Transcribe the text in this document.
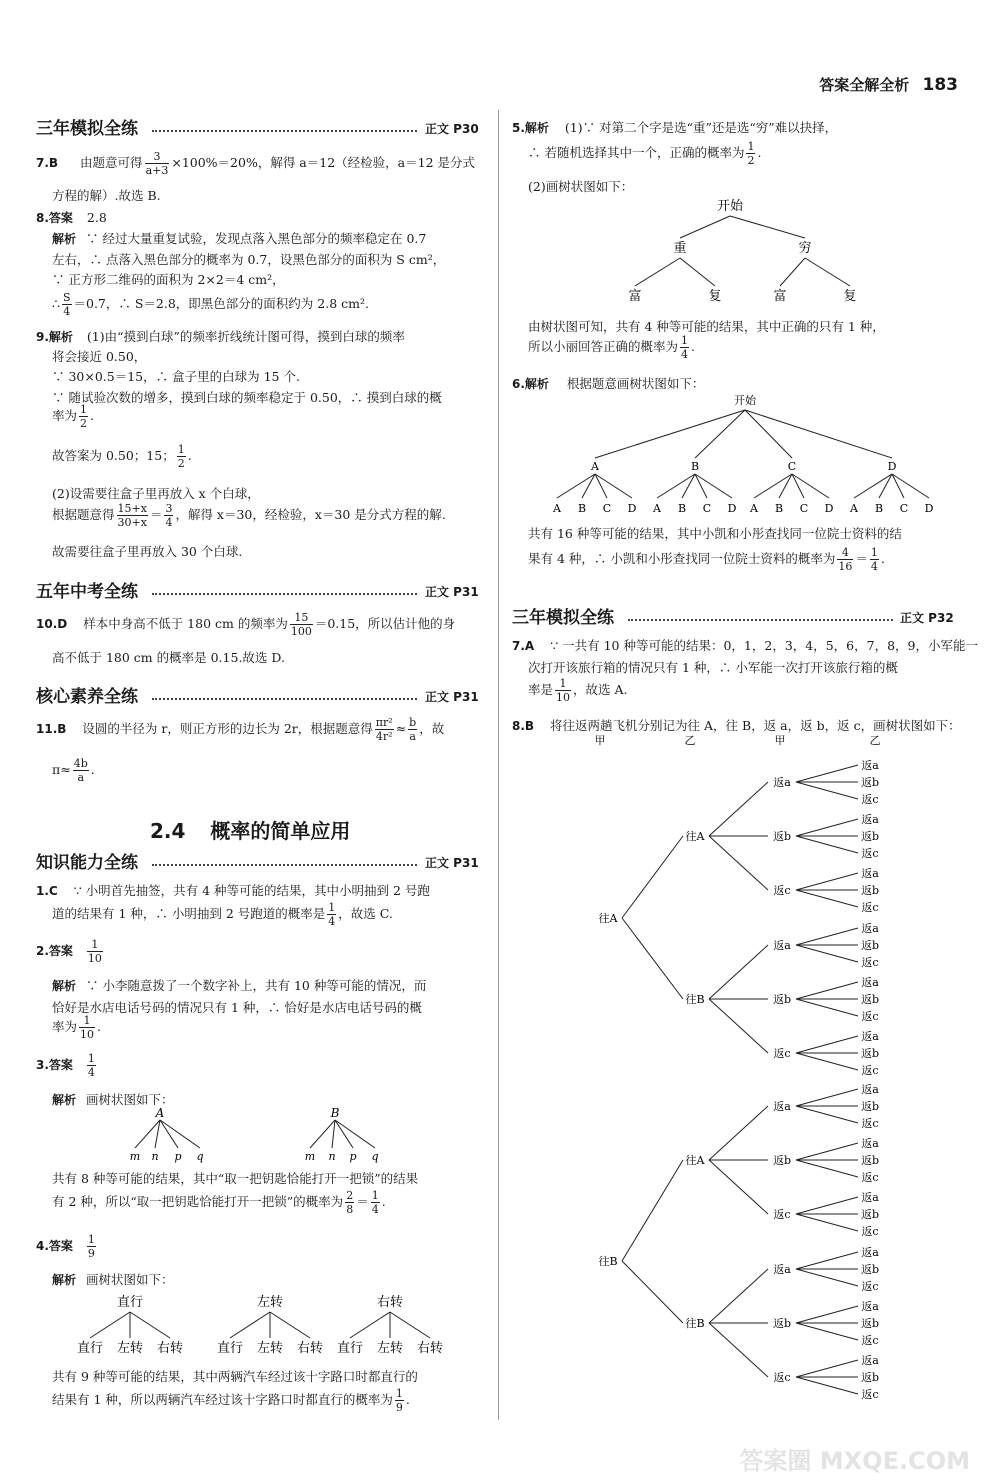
答案全解全析 183
三年模拟全练	正文 P30
7.B 由题意可得 $\frac{3}{a+3} \times 100\%=20\%$，解得 a＝12（经检验，a＝12 是分式
方程的解）.故选 B.
8.答案 2.8
解析 ∵ 经过大量重复试验，发现点落入黑色部分的频率稳定在 0.7
左右，∴ 点落入黑色部分的概率为 0.7，设黑色部分的面积为 S cm²，
∵ 正方形二维码的面积为 2×2＝4 cm²，
∴ $\frac{S}{4} =0.7$，∴ S＝2.8，即黑色部分的面积约为 2.8 cm².
9.解析 (1)由“摸到白球”的频率折线统计图可得，摸到白球的频率
将会接近 0.50，
∵ 30×0.5＝15，∴ 盒子里的白球为 15 个.
∵ 随试验次数的增多，摸到白球的频率稳定于 0.50，∴ 摸到白球的概
率为 $\frac{1}{2}$ .
故答案为 0.50；15； $\frac{1}{2}$ .
(2)设需要往盒子里再放入 x 个白球，
根据题意得 $\frac{15+x}{30+x} = \frac{3}{4}$ ，解得 x＝30，经检验，x＝30 是分式方程的解.
故需要往盒子里再放入 30 个白球.
五年中考全练	正文 P31
10.D 样本中身高不低于 180 cm 的频率为 $\frac{15}{100} =0.15$，所以估计他的身
高不低于 180 cm 的概率是 0.15.故选 D.
核心素养全练	正文 P31
11.B 设圆的半径为 r，则正方形的边长为 2r，根据题意得 $\frac{\text{πr²}}{\text{4r²}} \approx \frac{b}{a}$ ，故
$\pi\approx \frac{4b}{a}$ .
2.4 概率的简单应用
知识能力全练	正文 P31
1.C ∵ 小明首先抽签，共有 4 种等可能的结果，其中小明抽到 2 号跑
道的结果有 1 种，∴ 小明抽到 2 号跑道的概率是 $\frac{1}{4}$ ，故选 C.
2.答案 $\frac{1}{10}$
解析 ∵ 小李随意拨了一个数字补上，共有 10 种等可能的情况，而
恰好是水店电话号码的情况只有 1 种，∴ 恰好是水店电话号码的概
率为 $\frac{1}{10}$ .
3.答案 $\frac{1}{4}$
解析 画树状图如下：
A	B
m	m
n	n
p	p
q	q
共有 8 种等可能的结果，其中“取一把钥匙恰能打开一把锁”的结果
有 2 种，所以“取一把钥匙恰能打开一把锁”的概率为 $\frac{2}{8} = \frac{1}{4}$ .
4.答案 $\frac{1}{9}$
解析 画树状图如下：
直行
直行 左转 右转
左转
直行 左转 右转
右转
直行 左转 右转
共有 9 种等可能的结果，其中两辆汽车经过该十字路口时都直行的
结果有 1 种，所以两辆汽车经过该十字路口时都直行的概率为 $\frac{1}{9}$ .
5.解析 (1)∵ 对第二个字是选“重”还是选“穷”难以抉择，
∴ 若随机选择其中一个，正确的概率为 $\frac{1}{2}$ .
(2)画树状图如下：
开始
重	穷
富	复	富	复
由树状图可知，共有 4 种等可能的结果，其中正确的只有 1 种，
所以小丽回答正确的概率为 $\frac{1}{4}$ .
6.解析 根据题意画树状图如下：
开始
A
A B C D
B
A B C D
C
A B C D
D
A B C D
共有 16 种等可能的结果，其中小凯和小彤查找同一位院士资料的结
果有 4 种，∴ 小凯和小彤查找同一位院士资料的概率为 $\frac{4}{16} = \frac{1}{4}$ .
三年模拟全练	正文 P32
7.A ∵ 一共有 10 种等可能的结果：0，1，2，3，4，5，6，7，8，9，小军能一
次打开该旅行箱的情况只有 1 种，∴ 小军能一次打开该旅行箱的概
率是 $\frac{1}{10}$ ，故选 A.
8.B 将往返两趟飞机分别记为往 A，往 B，返 a，返 b，返 c，画树状图如下：
甲	乙	甲	乙
往A
往A
返a
返a
返b
返c
返b
返a
返b
返c
返c
返a
返b
返c
往B
返a
返a
返b
返c
返b
返a
返b
返c
返c
返a
返b
返c
往B
往A
返a
返a
返b
返c
返b
返a
返b
返c
返c
返a
返b
返c
往B
返a
返a
返b
返c
返b
返a
返b
返c
返c
返a
返b
返c
答案圈 MXQE.COM
